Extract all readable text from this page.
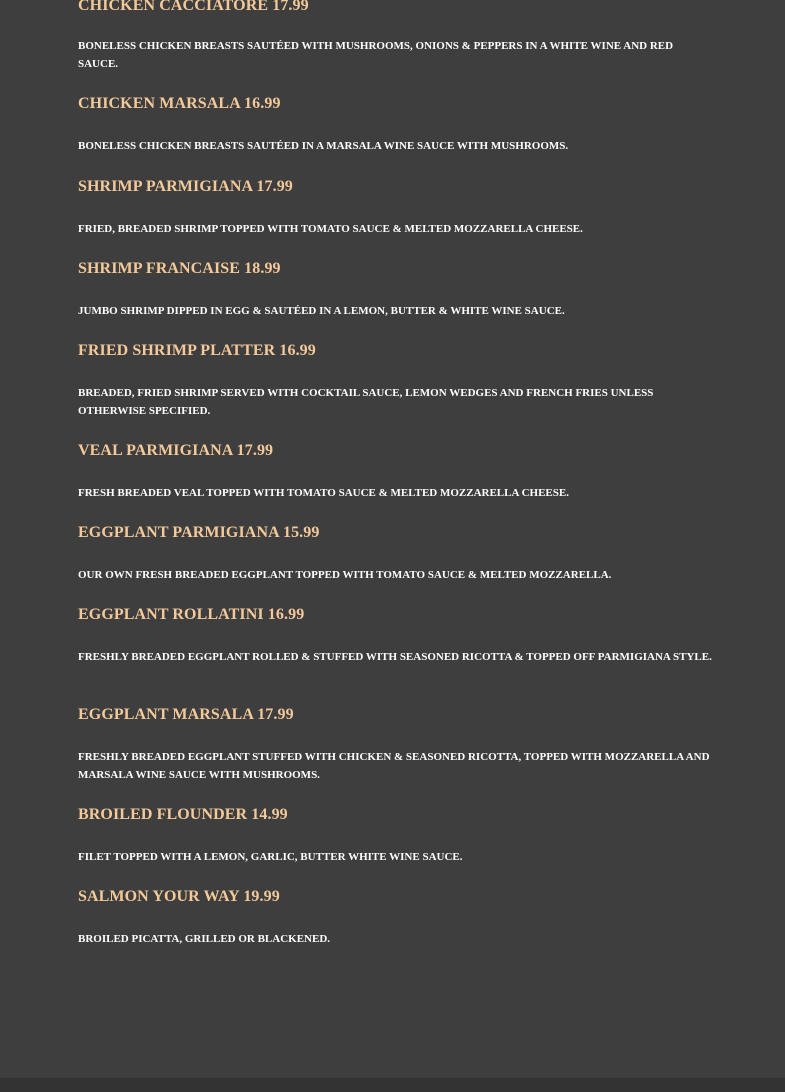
CHICKEN CACCIATORE 17.99

BONELESS CHICKEN BREASTS SAUTÉED WITH MUSHROOMS, ONIONS & PEPPERS IN A WHITE WINE AND RED SAUCE.

CHICKEN MARSALA 16.99

BONELESS CHICKEN BREASTS SAUTÉED IN A MARSALA WINE SAUCE WITH MUSHROOMS.

SHRIMP PARMIGIANA 17.99

FRIED, BREADED SHRIMP TOPPED WITH TOMATO SAUCE & MELTED MOZZARELLA CHEESE.

SHRIMP FRANCAISE 18.99

JUMBO SHRIMP DIPPED IN EGG & SAUTÉED IN A LEMON, BUTTER & WHITE WINE SAUCE.

FRIED SHRIMP PLATTER 16.99

BREADED, FRIED SHRIMP SERVED WITH COCKTAIL SAUCE, LEMON WEDGES AND FRENCH FRIES UNLESS OTHERWISE SPECIFIED.

VEAL PARMIGIANA 17.99

FRESH BREADED VEAL TOPPED WITH TOMATO SAUCE & MELTED MOZZARELLA CHEESE.

EGGPLANT PARMIGIANA 15.99

OUR OWN FRESH BREADED EGGPLANT TOPPED WITH TOMATO SAUCE & MELTED MOZZARELLA.

EGGPLANT ROLLATINI 16.99

FRESHLY BREADED EGGPLANT ROLLED & STUFFED WITH SEASONED RICOTTA & TOPPED OFF PARMIGIANA STYLE.

EGGPLANT MARSALA 17.99

FRESHLY BREADED EGGPLANT STUFFED WITH CHICKEN & SEASONED RICOTTA, TOPPED WITH MOZZARELLA AND MARSALA WINE SAUCE WITH MUSHROOMS.

BROILED FLOUNDER 14.99

FILET TOPPED WITH A LEMON, GARLIC, BUTTER WHITE WINE SAUCE.

SALMON YOUR WAY 19.99

BROILED PICATTA, GRILLED OR BLACKENED.
